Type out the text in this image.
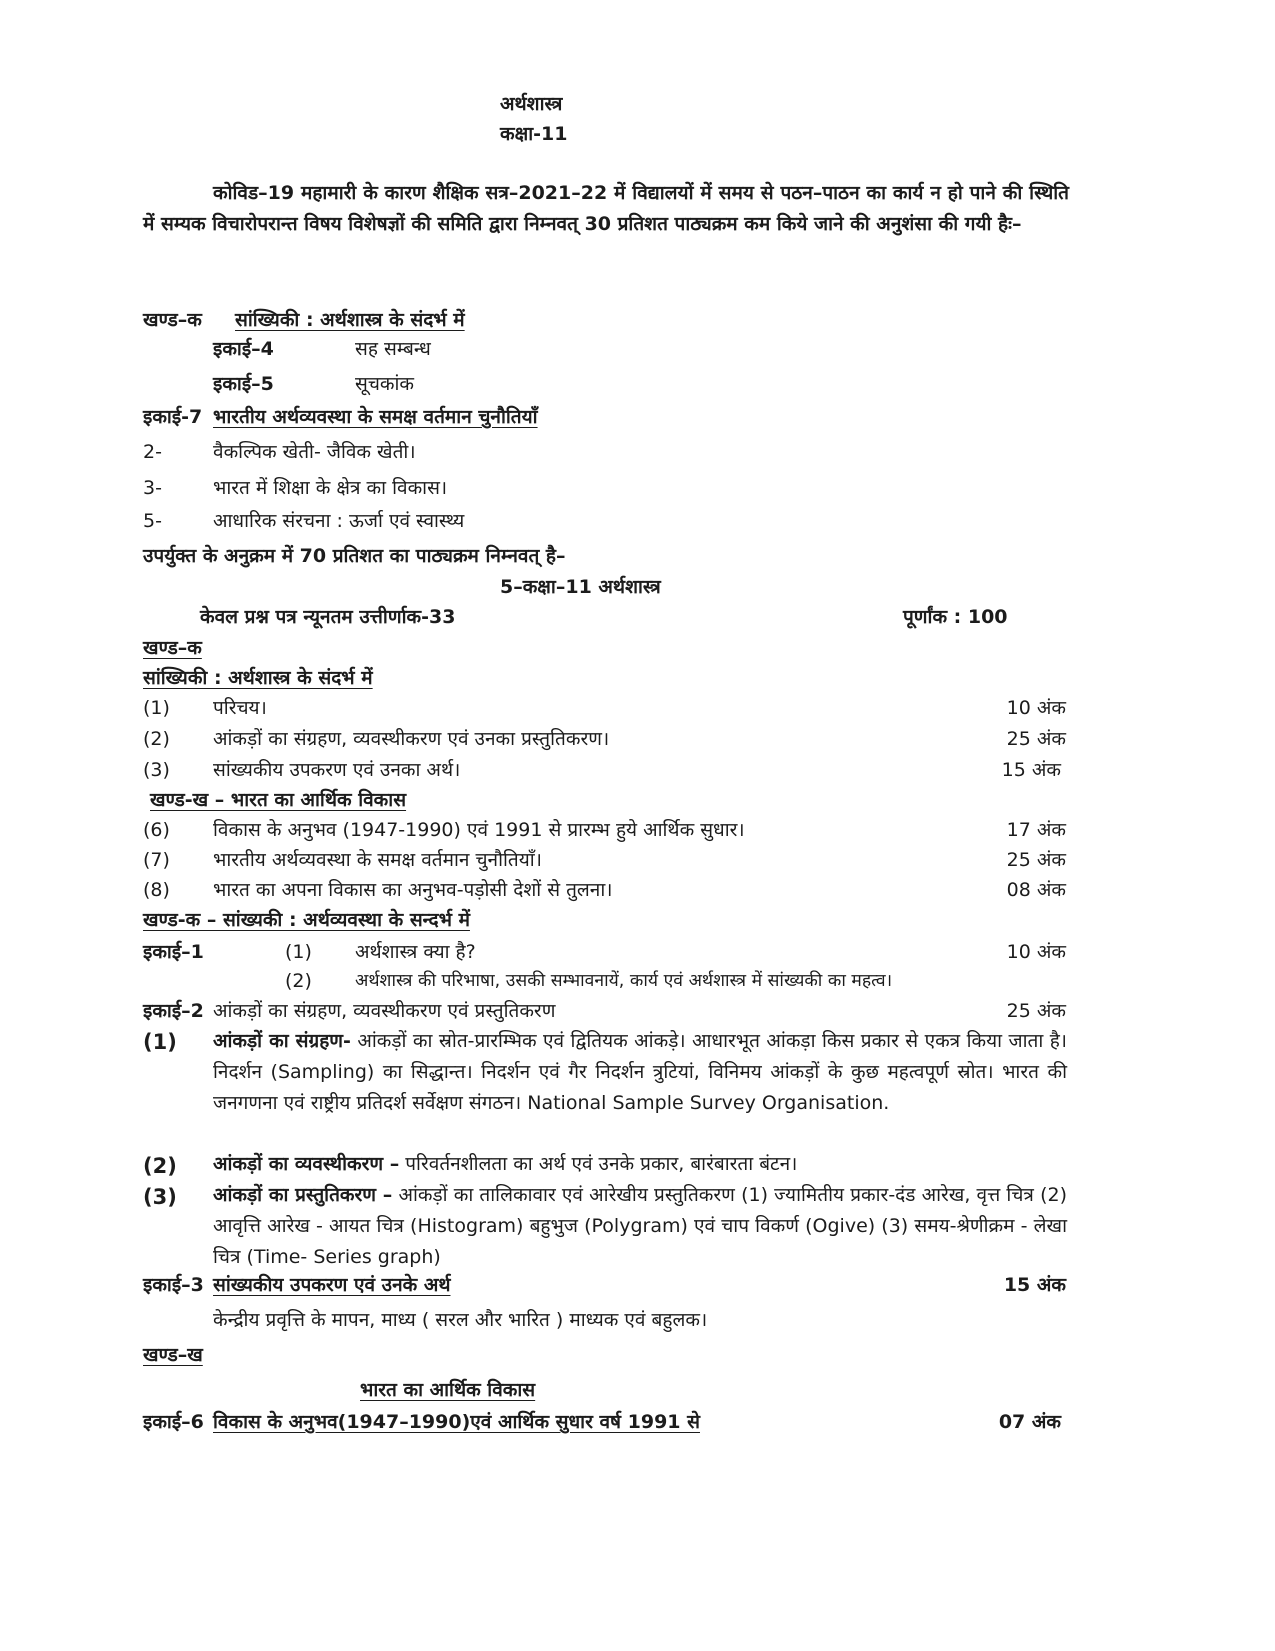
अर्थशास्त्र
कक्षा-11
कोविड–19 महामारी के कारण शैक्षिक सत्र–2021–22 में विद्यालयों में समय से पठन–पाठन का कार्य न हो पाने की स्थिति में सम्यक विचारोपरान्त विषय विशेषज्ञों की समिति द्वारा निम्नवत् 30 प्रतिशत पाठ्यक्रम कम किये जाने की अनुशंसा की गयी हैः–
खण्ड–क सांख्यिकी : अर्थशास्त्र के संदर्भ में
इकाई–4	सह सम्बन्ध
इकाई–5	सूचकांक
इकाई-7 भारतीय अर्थव्यवस्था के समक्ष वर्तमान चुनौतियाँ
2-	वैकल्पिक खेती- जैविक खेती।
3-	भारत में शिक्षा के क्षेत्र का विकास।
5-	आधारिक संरचना : ऊर्जा एवं स्वास्थ्य
उपर्युक्त के अनुक्रम में 70 प्रतिशत का पाठ्यक्रम निम्नवत् है–
5–कक्षा–11 अर्थशास्त्र
केवल प्रश्न पत्र न्यूनतम उत्तीर्णाक-33	पूर्णांक : 100
खण्ड–क
सांख्यिकी : अर्थशास्त्र के संदर्भ में
(1) परिचय।	10 अंक
(2) आंकड़ों का संग्रहण, व्यवस्थीकरण एवं उनका प्रस्तुतिकरण।	25 अंक
(3) सांख्यकीय उपकरण एवं उनका अर्थ।	15 अंक
खण्ड-ख – भारत का आर्थिक विकास
(6) विकास के अनुभव (1947-1990) एवं 1991 से प्रारम्भ हुये आर्थिक सुधार।	17 अंक
(7) भारतीय अर्थव्यवस्था के समक्ष वर्तमान चुनौतियाँ।	25 अंक
(8) भारत का अपना विकास का अनुभव-पड़ोसी देशों से तुलना।	08 अंक
खण्ड-क – सांख्यकी : अर्थव्यवस्था के सन्दर्भ में
इकाई–1	(1) अर्थशास्त्र क्या है?	10 अंक
(2) अर्थशास्त्र की परिभाषा, उसकी सम्भावनायें, कार्य एवं अर्थशास्त्र में सांख्यकी का महत्व।
इकाई–2 आंकड़ों का संग्रहण, व्यवस्थीकरण एवं प्रस्तुतिकरण	25 अंक
(1) आंकड़ों का संग्रहण- आंकड़ों का स्रोत-प्रारम्भिक एवं द्वितियक आंकड़े। आधारभूत आंकड़ा किस प्रकार से एकत्र किया जाता है। निदर्शन (Sampling) का सिद्धान्त। निदर्शन एवं गैर निदर्शन त्रुटियां, विनिमय आंकड़ों के कुछ महत्वपूर्ण स्रोत। भारत की जनगणना एवं राष्ट्रीय प्रतिदर्श सर्वेक्षण संगठन। National Sample Survey Organisation.
(2) आंकड़ों का व्यवस्थीकरण – परिवर्तनशीलता का अर्थ एवं उनके प्रकार, बारंबारता बंटन।
(3) आंकड़ों का प्रस्तुतिकरण – आंकड़ों का तालिकावार एवं आरेखीय प्रस्तुतिकरण (1) ज्यामितीय प्रकार-दंड आरेख, वृत्त चित्र (2) आवृत्ति आरेख - आयत चित्र (Histogram) बहुभुज (Polygram) एवं चाप विकर्ण (Ogive) (3) समय-श्रेणीक्रम - लेखा चित्र (Time- Series graph)
इकाई–3 सांख्यकीय उपकरण एवं उनके अर्थ	15 अंक
केन्द्रीय प्रवृत्ति के मापन, माध्य ( सरल और भारित ) माध्यक एवं बहुलक।
खण्ड–ख
भारत का आर्थिक विकास
इकाई–6 विकास के अनुभव(1947–1990)एवं आर्थिक सुधार वर्ष 1991 से	07 अंक
